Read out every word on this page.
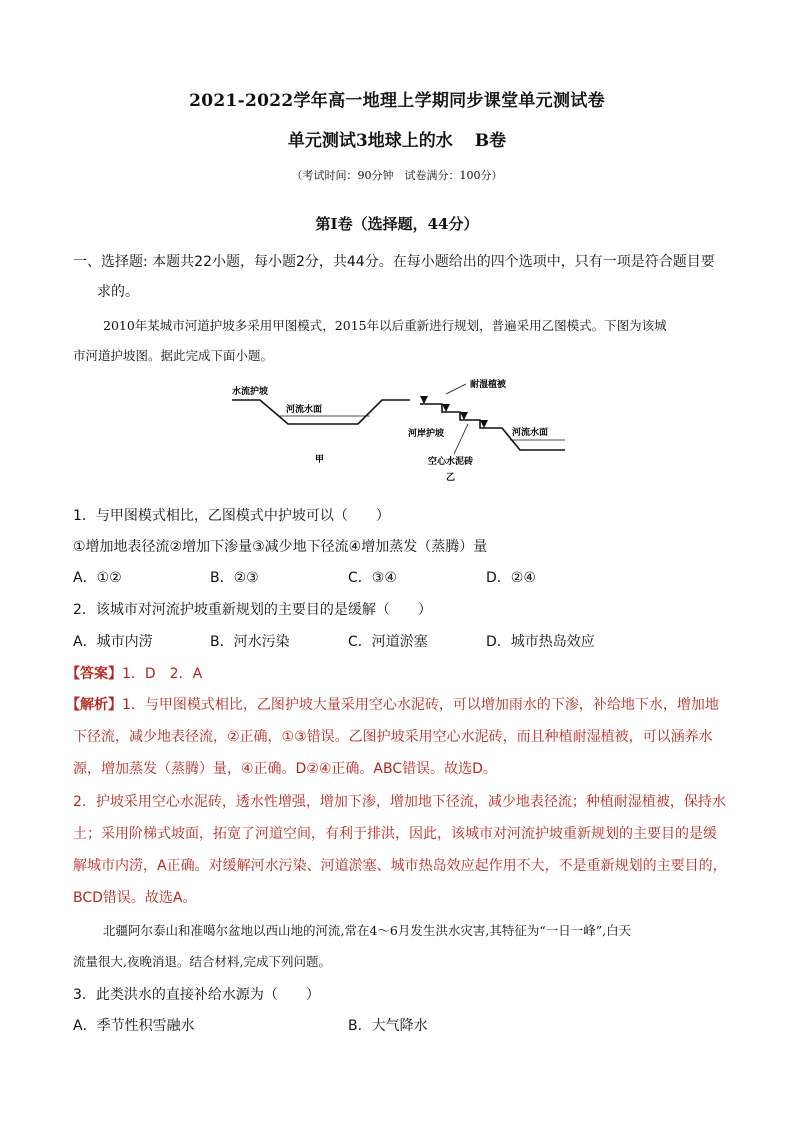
2021-2022学年高一地理上学期同步课堂单元测试卷
单元测试3地球上的水 B卷
（考试时间：90分钟　试卷满分：100分）
第Ⅰ卷（选择题，44分）
一、选择题: 本题共22小题，每小题2分，共44分。在每小题给出的四个选项中，只有一项是符合题目要
求的。
2010年某城市河道护坡多采用甲图模式，2015年以后重新进行规划，普遍采用乙图模式。下图为该城
市河道护坡图。据此完成下面小题。
水流护坡
河流水面
甲
耐湿植被
河岸护坡	河流水面
空心水泥砖
乙
1．与甲图模式相比，乙图模式中护坡可以（　　）
①增加地表径流②增加下渗量③减少地下径流④增加蒸发（蒸腾）量
A．①②	B．②③	C．③④	D．②④
2．该城市对河流护坡重新规划的主要目的是缓解（　　）
A．城市内涝	B．河水污染	C．河道淤塞	D．城市热岛效应
【答案】1．D　2．A
【解析】1．与甲图模式相比，乙图护坡大量采用空心水泥砖，可以增加雨水的下渗，补给地下水，增加地
下径流，减少地表径流，②正确，①③错误。乙图护坡采用空心水泥砖，而且种植耐湿植被，可以涵养水
源，增加蒸发（蒸腾）量，④正确。D②④正确。ABC错误。故选D。
2．护坡采用空心水泥砖，透水性增强，增加下渗，增加地下径流，减少地表径流；种植耐湿植被，保持水
土；采用阶梯式坡面，拓宽了河道空间，有利于排洪，因此，该城市对河流护坡重新规划的主要目的是缓
解城市内涝，A正确。对缓解河水污染、河道淤塞、城市热岛效应起作用不大，不是重新规划的主要目的，
BCD错误。故选A。
北疆阿尔泰山和准噶尔盆地以西山地的河流,常在4～6月发生洪水灾害,其特征为“一日一峰”,白天
流量很大,夜晚消退。结合材料,完成下列问题。
3．此类洪水的直接补给水源为（　　）
A．季节性积雪融水	B．大气降水
